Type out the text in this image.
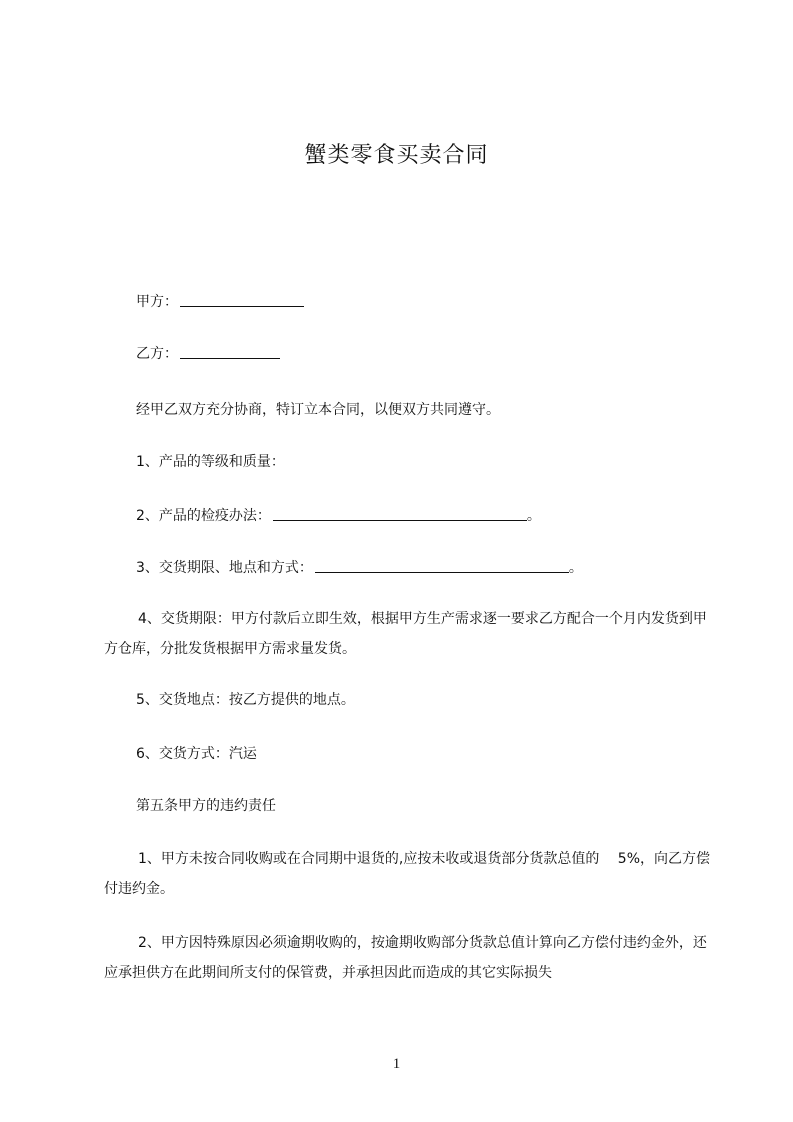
蟹类零食买卖合同
甲方：
乙方：
经甲乙双方充分协商，特订立本合同，以便双方共同遵守。
1、产品的等级和质量：
2、产品的检疫办法：	。
3、交货期限、地点和方式：	。
4、交货期限：甲方付款后立即生效，根据甲方生产需求逐一要求乙方配合一个月内发货到甲方仓库，分批发货根据甲方需求量发货。
5、交货地点：按乙方提供的地点。
6、交货方式：汽运
第五条甲方的违约责任
1、甲方未按合同收购或在合同期中退货的,应按未收或退货部分货款总值的　 5%，向乙方偿付违约金。
2、甲方因特殊原因必须逾期收购的，按逾期收购部分货款总值计算向乙方偿付违约金外，还应承担供方在此期间所支付的保管费，并承担因此而造成的其它实际损失
1
